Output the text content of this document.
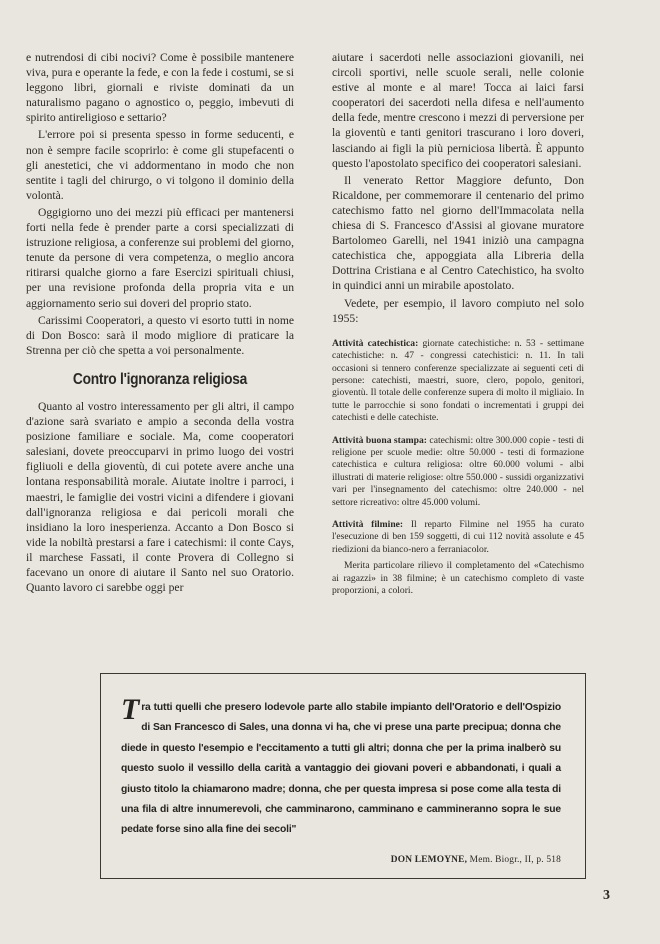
e nutrendosi di cibi nocivi? Come è possibile mantenere viva, pura e operante la fede, e con la fede i costumi, se si leggono libri, giornali e riviste dominati da un naturalismo pagano o agnostico o, peggio, imbevuti di spirito antireligioso e settario?

L'errore poi si presenta spesso in forme seducenti, e non è sempre facile scoprirlo: è come gli stupefacenti o gli anestetici, che vi addormentano in modo che non sentite i tagli del chirurgo, o vi tolgono il dominio della volontà.

Oggigiorno uno dei mezzi più efficaci per mantenersi forti nella fede è prender parte a corsi specializzati di istruzione religiosa, a conferenze sui problemi del giorno, tenute da persone di vera competenza, o meglio ancora ritirarsi qualche giorno a fare Esercizi spirituali chiusi, per una revisione profonda della propria vita e un aggiornamento serio sui doveri del proprio stato.

Carissimi Cooperatori, a questo vi esorto tutti in nome di Don Bosco: sarà il modo migliore di praticare la Strenna per ciò che spetta a voi personalmente.

Contro l'ignoranza religiosa

Quanto al vostro interessamento per gli altri, il campo d'azione sarà svariato e ampio a seconda della vostra posizione familiare e sociale. Ma, come cooperatori salesiani, dovete preoccuparvi in primo luogo dei vostri figliuoli e della gioventù, di cui potete avere anche una lontana responsabilità morale. Aiutate inoltre i parroci, i maestri, le famiglie dei vostri vicini a difendere i giovani dall'ignoranza religiosa e dai pericoli morali che insidiano la loro inesperienza. Accanto a Don Bosco si vide la nobiltà prestarsi a fare i catechismi: il conte Cays, il marchese Fassati, il conte Provera di Collegno si facevano un onore di aiutare il Santo nel suo Oratorio. Quanto lavoro ci sarebbe oggi per

aiutare i sacerdoti nelle associazioni giovanili, nei circoli sportivi, nelle scuole serali, nelle colonie estive al monte e al mare! Tocca ai laici farsi cooperatori dei sacerdoti nella difesa e nell'aumento della fede, mentre crescono i mezzi di perversione per la gioventù e tanti genitori trascurano i loro doveri, lasciando ai figli la più perniciosa libertà. È appunto questo l'apostolato specifico dei cooperatori salesiani.

Il venerato Rettor Maggiore defunto, Don Ricaldone, per commemorare il centenario del primo catechismo fatto nel giorno dell'Immacolata nella chiesa di S. Francesco d'Assisi al giovane muratore Bartolomeo Garelli, nel 1941 iniziò una campagna catechistica che, appoggiata alla Libreria della Dottrina Cristiana e al Centro Catechistico, ha svolto in quindici anni un mirabile apostolato.

Vedete, per esempio, il lavoro compiuto nel solo 1955:

Attività catechistica: giornate catechistiche: n. 53 - settimane catechistiche: n. 47 - congressi catechistici: n. 11. In tali occasioni si tennero conferenze specializzate ai seguenti ceti di persone: catechisti, maestri, suore, clero, popolo, genitori, gioventù. Il totale delle conferenze supera di molto il migliaio. In tutte le parrocchie si sono fondati o incrementati i gruppi dei catechisti e delle catechiste.

Attività buona stampa: catechismi: oltre 300.000 copie - testi di religione per scuole medie: oltre 50.000 - testi di formazione catechistica e cultura religiosa: oltre 60.000 volumi - albi illustrati di materie religiose: oltre 550.000 - sussidi organizzativi vari per l'insegnamento del catechismo: oltre 240.000 - nel settore ricreativo: oltre 45.000 volumi.

Attività filmine: Il reparto Filmine nel 1955 ha curato l'esecuzione di ben 159 soggetti, di cui 112 novità assolute e 45 riedizioni da bianco-nero a ferraniacolor.

Merita particolare rilievo il completamento del «Catechismo ai ragazzi» in 38 filmine; è un catechismo completo di vaste proporzioni, a colori.

Tra tutti quelli che presero lodevole parte allo stabile impianto dell'Oratorio e dell'Ospizio di San Francesco di Sales, una donna vi ha, che vi prese una parte precipua; donna che diede in questo l'esempio e l'eccitamento a tutti gli altri; donna che per la prima inalberò su questo suolo il vessillo della carità a vantaggio dei giovani poveri e abbandonati, i quali a giusto titolo la chiamarono madre; donna, che per questa impresa si pose come alla testa di una fila di altre innumerevoli, che camminarono, camminano e cammineranno sopra le sue pedate forse sino alla fine dei secoli"
DON LEMOYNE, Mem. Biogr., II, p. 518
3
